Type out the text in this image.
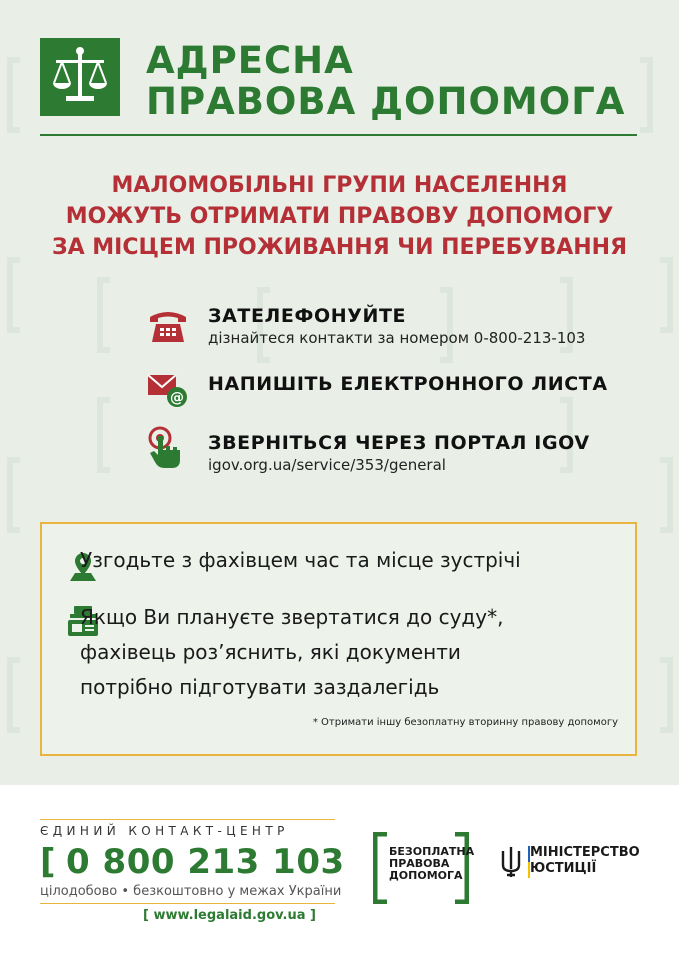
АДРЕСНА
ПРАВОВА ДОПОМОГА
МАЛОМОБІЛЬНІ ГРУПИ НАСЕЛЕННЯ
МОЖУТЬ ОТРИМАТИ ПРАВОВУ ДОПОМОГУ
ЗА МІСЦЕМ ПРОЖИВАННЯ ЧИ ПЕРЕБУВАННЯ
ЗАТЕЛЕФОНУЙТЕ
дізнайтеся контакти за номером 0-800-213-103
@
НАПИШІТЬ ЕЛЕКТРОННОГО ЛИСТА
ЗВЕРНІТЬСЯ ЧЕРЕЗ ПОРТАЛ IGOV
igov.org.ua/service/353/general
Узгодьте з фахівцем час та місце зустрічі
Якщо Ви плануєте звертатися до суду*,
фахівець роз’яснить, які документи
потрібно підготувати заздалегідь
* Отримати іншу безоплатну вторинну правову допомогу
ЄДИНИЙ КОНТАКТ-ЦЕНТР
[ 0 800 213 103
цілодобово • безкоштовно у межах України
[ www.legalaid.gov.ua ]
БЕЗОПЛАТНА
ПРАВОВА
ДОПОМОГА
МІНІСТЕРСТВО
ЮСТИЦІЇ
